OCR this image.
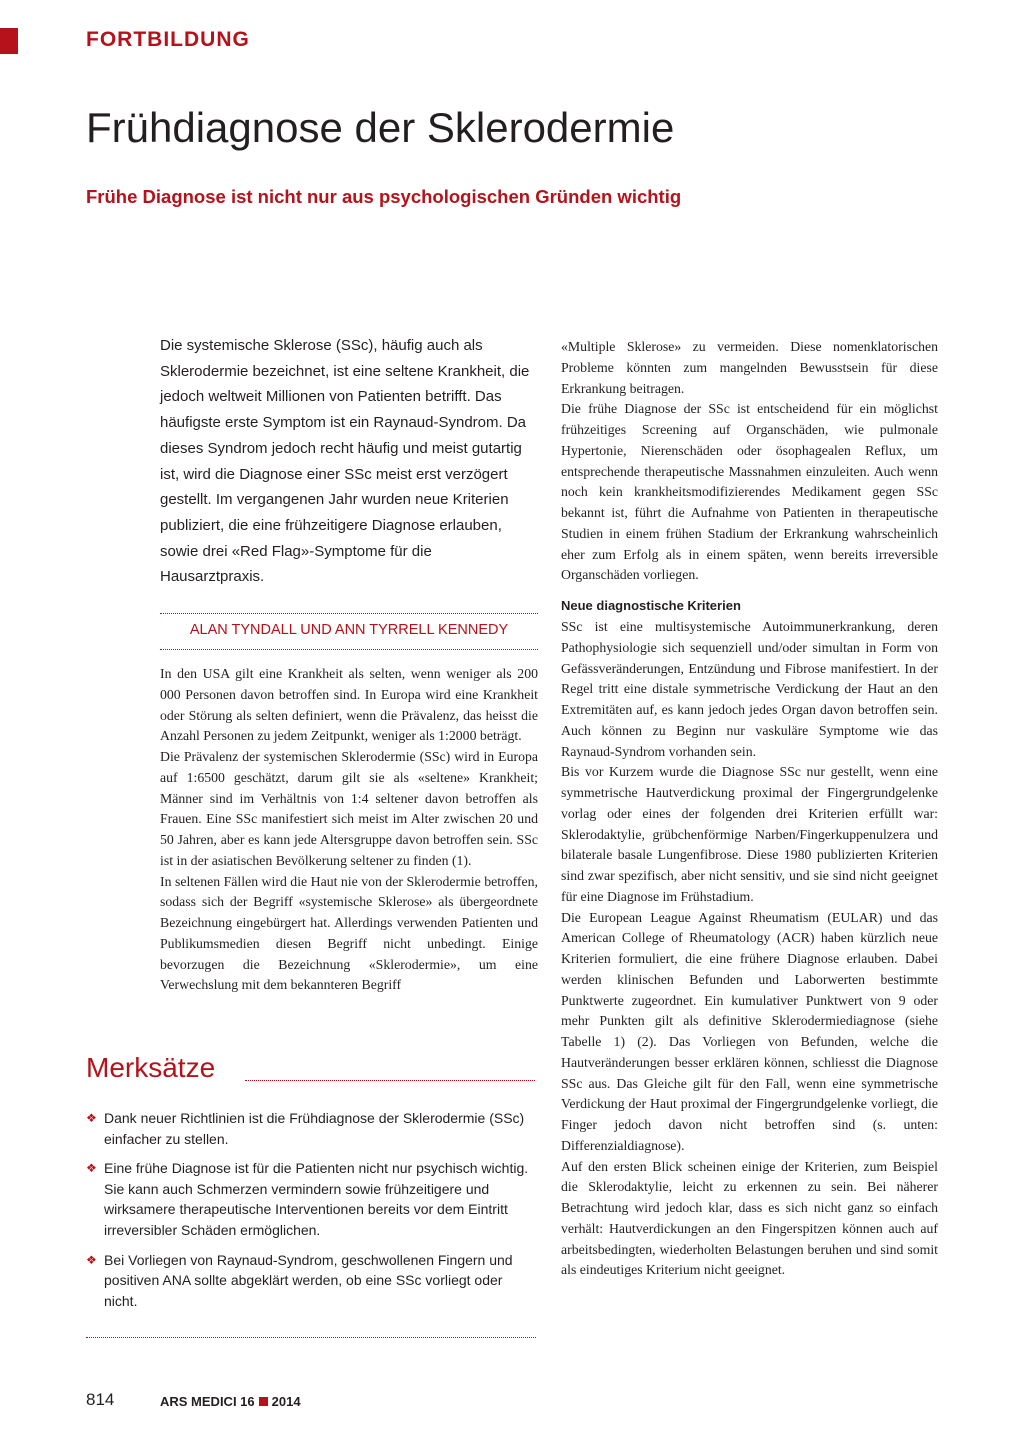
FORTBILDUNG
Frühdiagnose der Sklerodermie
Frühe Diagnose ist nicht nur aus psychologischen Gründen wichtig
Die systemische Sklerose (SSc), häufig auch als Sklerodermie bezeichnet, ist eine seltene Krankheit, die jedoch weltweit Millionen von Patienten betrifft. Das häufigste erste Symptom ist ein Raynaud-Syndrom. Da dieses Syndrom jedoch recht häufig und meist gutartig ist, wird die Diagnose einer SSc meist erst verzögert gestellt. Im vergangenen Jahr wurden neue Kriterien publiziert, die eine frühzeitigere Diagnose erlauben, sowie drei «Red Flag»-Symptome für die Hausarztpraxis.
ALAN TYNDALL UND ANN TYRRELL KENNEDY

In den USA gilt eine Krankheit als selten, wenn weniger als 200 000 Personen davon betroffen sind. In Europa wird eine Krankheit oder Störung als selten definiert, wenn die Prävalenz, das heisst die Anzahl Personen zu jedem Zeitpunkt, weniger als 1:2000 beträgt.

Die Prävalenz der systemischen Sklerodermie (SSc) wird in Europa auf 1:6500 geschätzt, darum gilt sie als «seltene» Krankheit; Männer sind im Verhältnis von 1:4 seltener davon betroffen als Frauen. Eine SSc manifestiert sich meist im Alter zwischen 20 und 50 Jahren, aber es kann jede Altersgruppe davon betroffen sein. SSc ist in der asiatischen Bevölkerung seltener zu finden (1).

In seltenen Fällen wird die Haut nie von der Sklerodermie betroffen, sodass sich der Begriff «systemische Sklerose» als übergeordnete Bezeichnung eingebürgert hat. Allerdings verwenden Patienten und Publikumsmedien diesen Begriff nicht unbedingt. Einige bevorzugen die Bezeichnung «Sklerodermie», um eine Verwechslung mit dem bekannteren Begriff

«Multiple Sklerose» zu vermeiden. Diese nomenklatorischen Probleme könnten zum mangelnden Bewusstsein für diese Erkrankung beitragen.

Die frühe Diagnose der SSc ist entscheidend für ein möglichst frühzeitiges Screening auf Organschäden, wie pulmonale Hypertonie, Nierenschäden oder ösophagealen Reflux, um entsprechende therapeutische Massnahmen einzuleiten. Auch wenn noch kein krankheitsmodifizierendes Medikament gegen SSc bekannt ist, führt die Aufnahme von Patienten in therapeutische Studien in einem frühen Stadium der Erkrankung wahrscheinlich eher zum Erfolg als in einem späten, wenn bereits irreversible Organschäden vorliegen.

Neue diagnostische Kriterien

SSc ist eine multisystemische Autoimmunerkrankung, deren Pathophysiologie sich sequenziell und/oder simultan in Form von Gefässveränderungen, Entzündung und Fibrose manifestiert. In der Regel tritt eine distale symmetrische Verdickung der Haut an den Extremitäten auf, es kann jedoch jedes Organ davon betroffen sein. Auch können zu Beginn nur vaskuläre Symptome wie das Raynaud-Syndrom vorhanden sein.

Bis vor Kurzem wurde die Diagnose SSc nur gestellt, wenn eine symmetrische Hautverdickung proximal der Fingergrundgelenke vorlag oder eines der folgenden drei Kriterien erfüllt war: Sklerodaktylie, grübchenförmige Narben/Fingerkuppenulzera und bilaterale basale Lungenfibrose. Diese 1980 publizierten Kriterien sind zwar spezifisch, aber nicht sensitiv, und sie sind nicht geeignet für eine Diagnose im Frühstadium.

Die European League Against Rheumatism (EULAR) und das American College of Rheumatology (ACR) haben kürzlich neue Kriterien formuliert, die eine frühere Diagnose erlauben. Dabei werden klinischen Befunden und Laborwerten bestimmte Punktwerte zugeordnet. Ein kumulativer Punktwert von 9 oder mehr Punkten gilt als definitive Sklerodermiediagnose (siehe Tabelle 1) (2). Das Vorliegen von Befunden, welche die Hautveränderungen besser erklären können, schliesst die Diagnose SSc aus. Das Gleiche gilt für den Fall, wenn eine symmetrische Verdickung der Haut proximal der Fingergrundgelenke vorliegt, die Finger jedoch davon nicht betroffen sind (s. unten: Differenzialdiagnose).

Auf den ersten Blick scheinen einige der Kriterien, zum Beispiel die Sklerodaktylie, leicht zu erkennen zu sein. Bei näherer Betrachtung wird jedoch klar, dass es sich nicht ganz so einfach verhält: Hautverdickungen an den Fingerspitzen können auch auf arbeitsbedingten, wiederholten Belastungen beruhen und sind somit als eindeutiges Kriterium nicht geeignet.

Merksätze
❖ Dank neuer Richtlinien ist die Frühdiagnose der Sklerodermie (SSc) einfacher zu stellen.
❖ Eine frühe Diagnose ist für die Patienten nicht nur psychisch wichtig. Sie kann auch Schmerzen vermindern sowie frühzeitigere und wirksamere therapeutische Interventionen bereits vor dem Eintritt irreversibler Schäden ermöglichen.
❖ Bei Vorliegen von Raynaud-Syndrom, geschwollenen Fingern und positiven ANA sollte abgeklärt werden, ob eine SSc vorliegt oder nicht.
814	ARS MEDICI 16 2014
